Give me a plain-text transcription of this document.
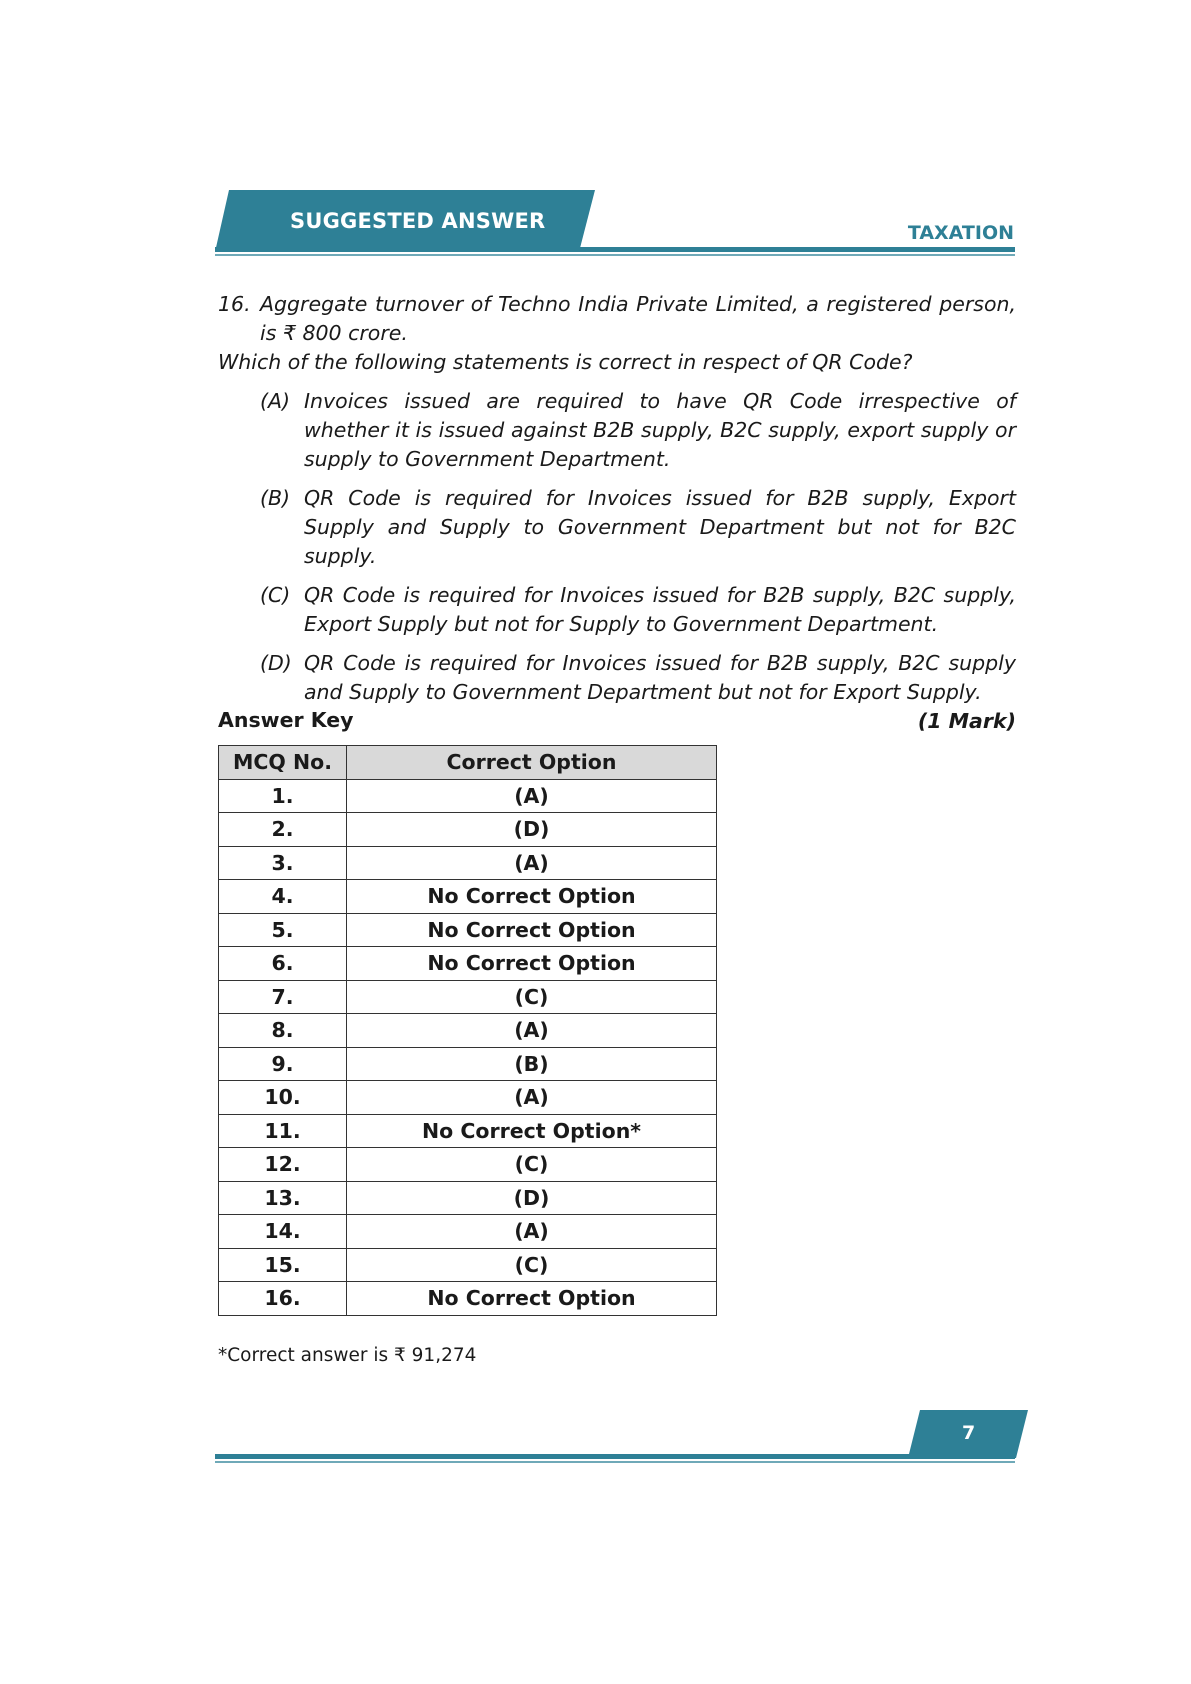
SUGGESTED ANSWER	TAXATION
16. Aggregate turnover of Techno India Private Limited, a registered person, is ₹ 800 crore.

Which of the following statements is correct in respect of QR Code?

(A) Invoices issued are required to have QR Code irrespective of whether it is issued against B2B supply, B2C supply, export supply or supply to Government Department.
(B) QR Code is required for Invoices issued for B2B supply, Export Supply and Supply to Government Department but not for B2C supply.
(C) QR Code is required for Invoices issued for B2B supply, B2C supply, Export Supply but not for Supply to Government Department.
(D) QR Code is required for Invoices issued for B2B supply, B2C supply and Supply to Government Department but not for Export Supply.
(1 Mark)
Answer Key
MCQ No.	Correct Option
1.	(A)
2.	(D)
3.	(A)
4.	No Correct Option
5.	No Correct Option
6.	No Correct Option
7.	(C)
8.	(A)
9.	(B)
10.	(A)
11.	No Correct Option*
12.	(C)
13.	(D)
14.	(A)
15.	(C)
16.	No Correct Option
*Correct answer is ₹ 91,274
7
